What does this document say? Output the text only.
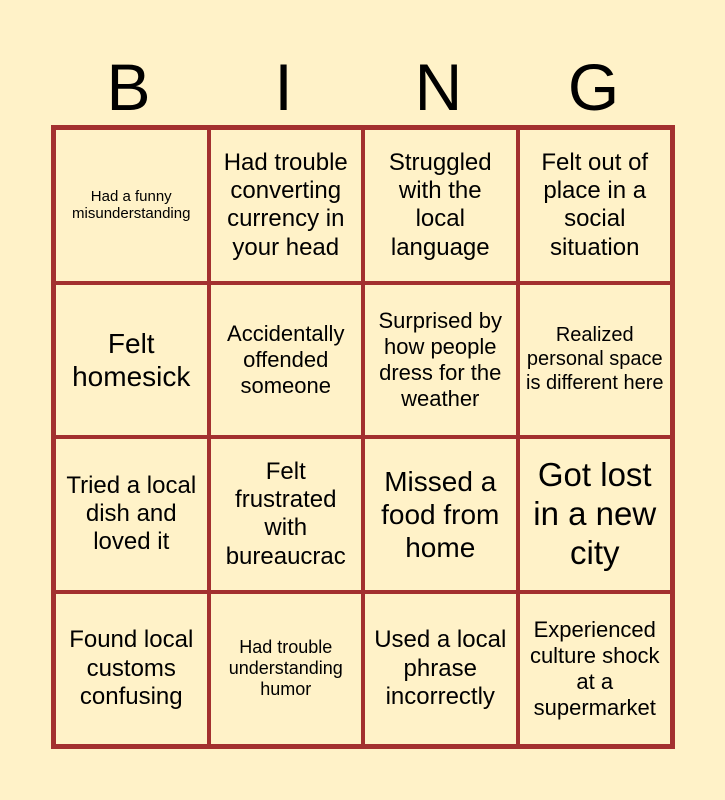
B	I	N	G
Had a funny misunderstanding
Had trouble converting currency in your head
Struggled with the local language
Felt out of place in a social situation
Felt homesick
Accidentally offended someone
Surprised by how people dress for the weather
Realized personal space is different here
Tried a local dish and loved it
Felt frustrated with bureaucrac
Missed a food from home
Got lost in a new city
Found local customs confusing
Had trouble understanding humor
Used a local phrase incorrectly
Experienced culture shock at a supermarket
